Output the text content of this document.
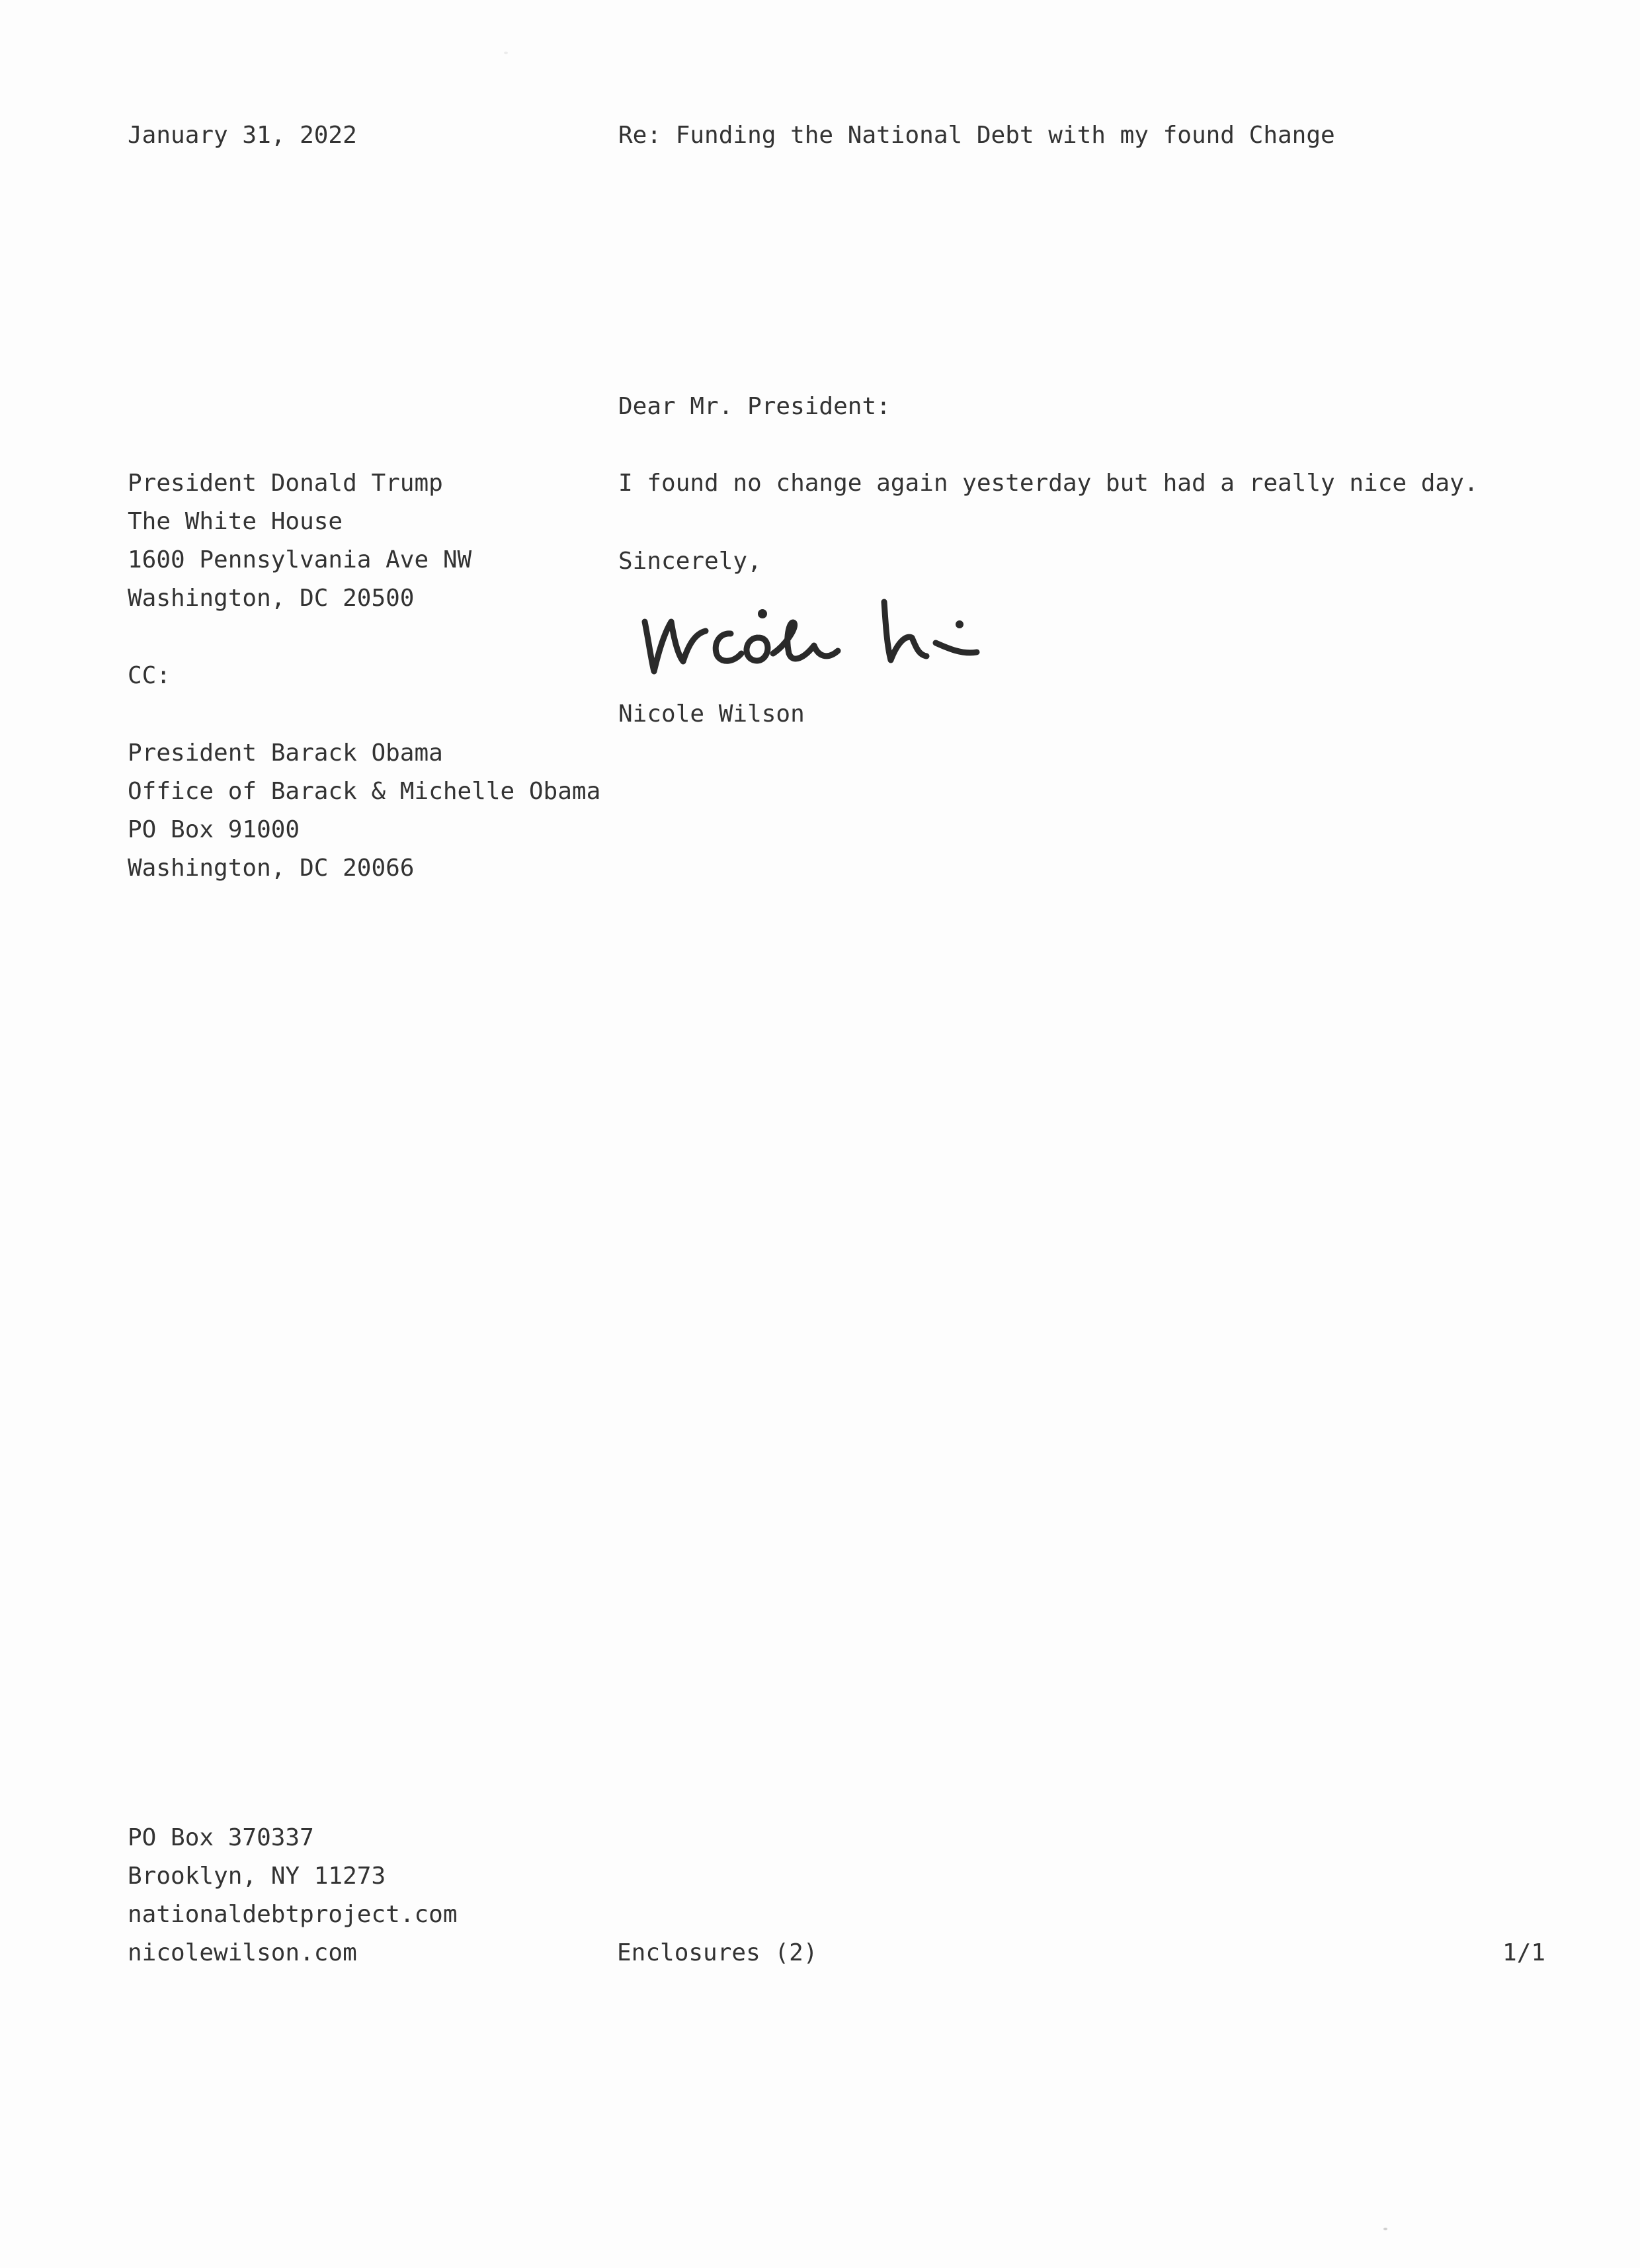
January 31, 2022	Re: Funding the National Debt with my found Change
Dear Mr. President:
President Donald Trump
The White House
1600 Pennsylvania Ave NW
Washington, DC 20500
I found no change again yesterday but had a really nice day.
Sincerely,
Nicole Wilson
CC:
President Barack Obama
Office of Barack & Michelle Obama
PO Box 91000
Washington, DC 20066
PO Box 370337
Brooklyn, NY 11273
nationaldebtproject.com
nicolewilson.com	Enclosures (2)	1/1
